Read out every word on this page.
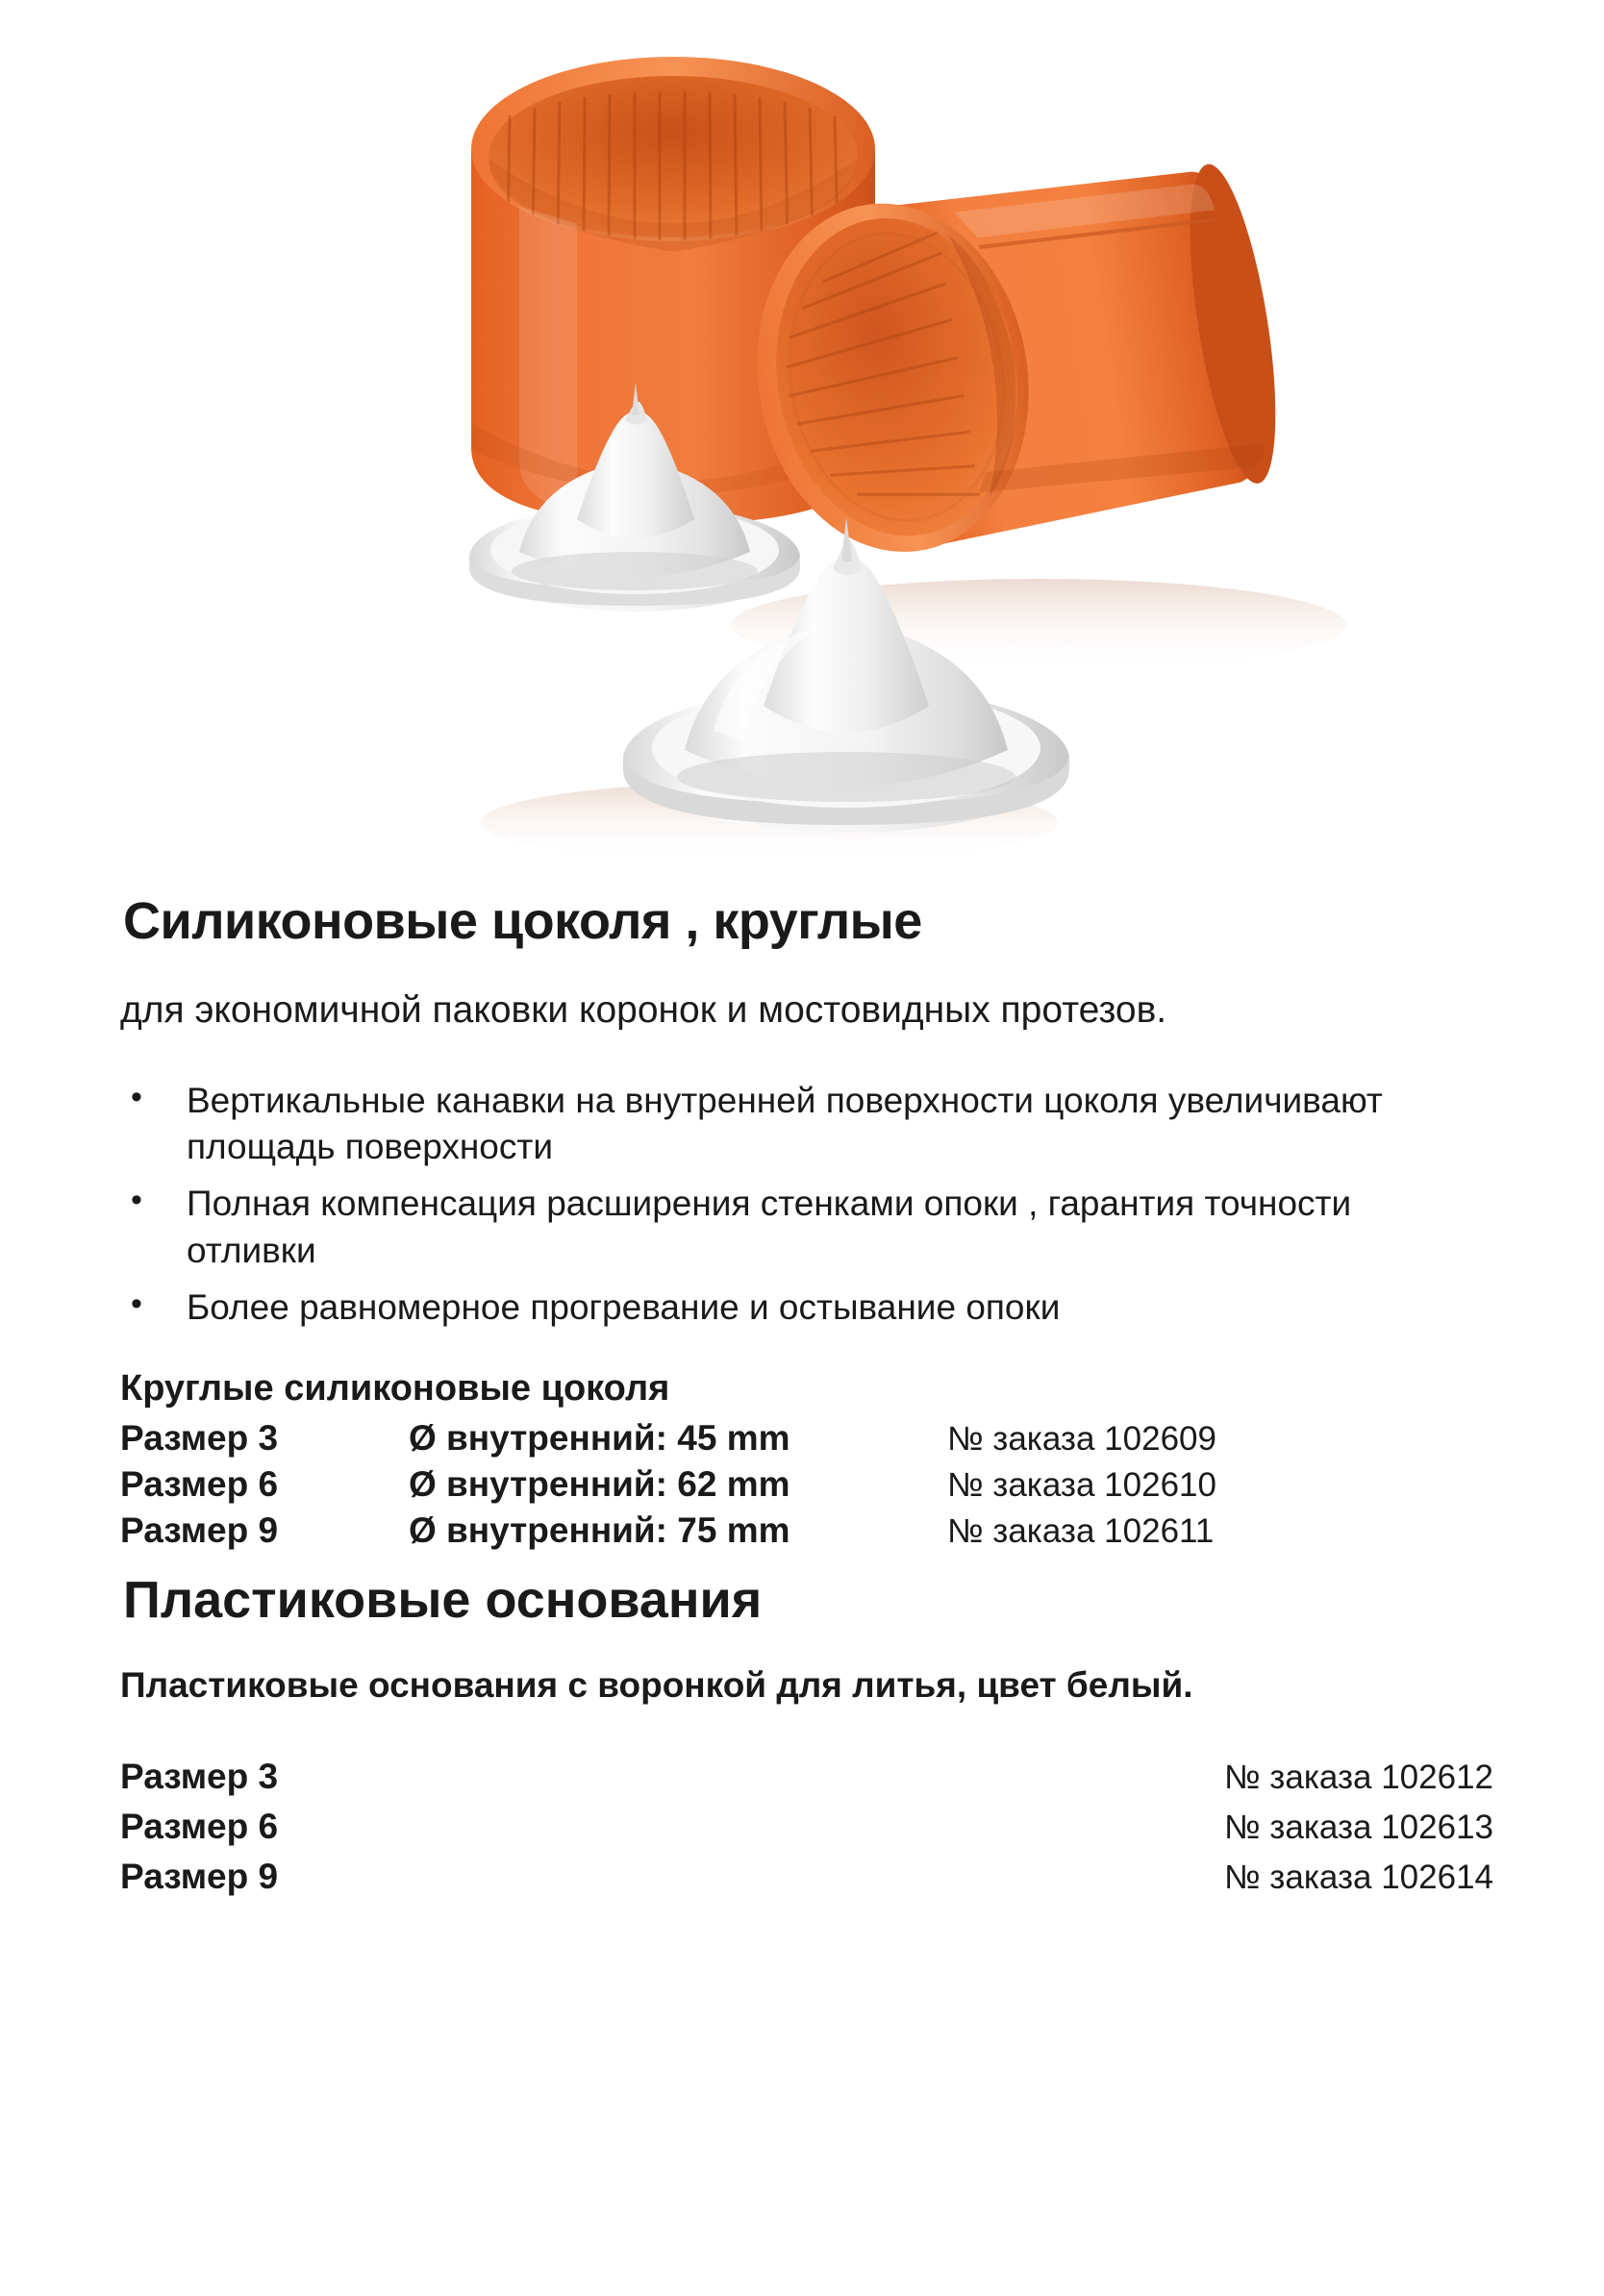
Силиконовые цоколя , круглые

для экономичной паковки коронок и мостовидных протезов.

• Вертикальные канавки на внутренней поверхности цоколя увеличивают площадь поверхности
• Полная компенсация расширения стенками опоки , гарантия точности отливки
• Более равномерное прогревание и остывание опоки
Круглые силиконовые цоколя
Размер 3	Ø внутренний: 45 mm	№ заказа 102609
Размер 6	Ø внутренний: 62 mm	№ заказа 102610
Размер 9	Ø внутренний: 75 mm	№ заказа 102611
Пластиковые основания

Пластиковые основания с воронкой для литья, цвет белый.

Размер 3	№ заказа 102612
Размер 6	№ заказа 102613
Размер 9	№ заказа 102614
